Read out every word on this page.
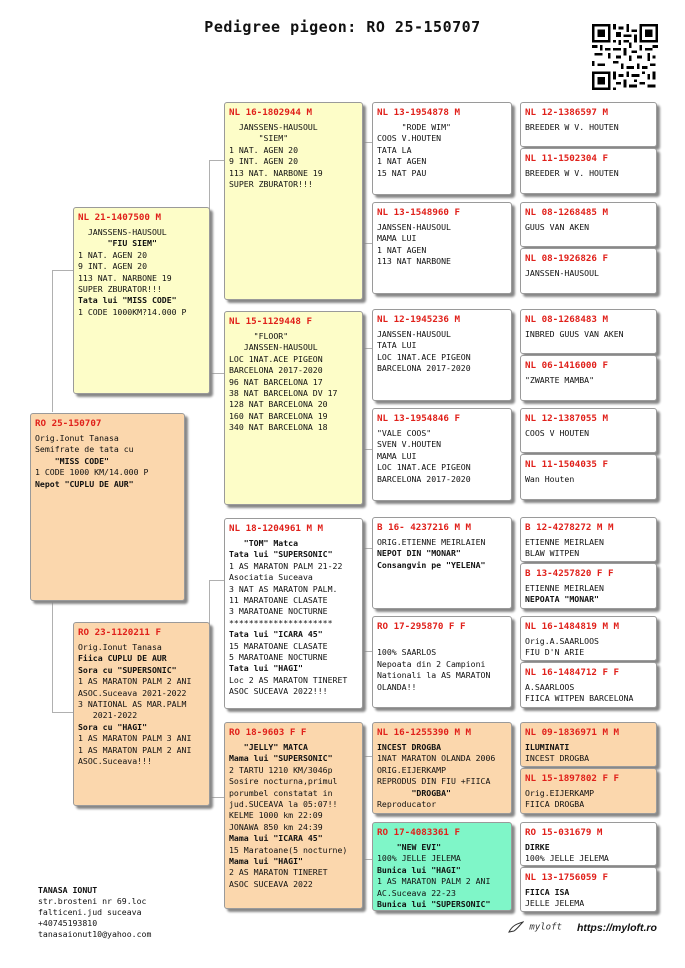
Pedigree pigeon: RO 25-150707
RO 25-150707
Orig.Ionut Tanasa
Semifrate de tata cu
"MISS CODE"
1 CODE 1000 KM/14.000 P
Nepot "CUPLU DE AUR"
NL 21-1407500 M
JANSSENS-HAUSOUL
"FIU SIEM"
1 NAT. AGEN 20
9 INT. AGEN 20
113 NAT. NARBONE 19
SUPER ZBURATOR!!!
Tata lui "MISS CODE"
1 CODE 1000KM?14.000 P
RO 23-1120211 F
Orig.Ionut Tanasa
Fiica CUPLU DE AUR
Sora cu "SUPERSONIC"
1 AS MARATON PALM 2 ANI
ASOC.Suceava 2021-2022
3 NATIONAL AS MAR.PALM
2021-2022
Sora cu "HAGI"
1 AS MARATON PALM 3 ANI
1 AS MARATON PALM 2 ANI
ASOC.Suceava!!!
NL 16-1802944 M
JANSSENS-HAUSOUL
"SIEM"
1 NAT. AGEN 20
9 INT. AGEN 20
113 NAT. NARBONE 19
SUPER ZBURATOR!!!
NL 15-1129448 F
"FLOOR"
JANSSEN-HAUSOUL
LOC 1NAT.ACE PIGEON
BARCELONA 2017-2020
96 NAT BARCELONA 17
38 NAT BARCELONA DV 17
128 NAT BARCELONA 20
160 NAT BARCELONA 19
340 NAT BARCELONA 18
NL 18-1204961 M M
"TOM" Matca
Tata lui "SUPERSONIC"
1 AS MARATON PALM 21-22
Asociatia Suceava
3 NAT AS MARATON PALM.
11 MARATOANE CLASATE
3 MARATOANE NOCTURNE
*********************
Tata lui "ICARA 45"
15 MARATOANE CLASATE
5 MARATOANE NOCTURNE
Tata lui "HAGI"
Loc 2 AS MARATON TINERET
ASOC SUCEAVA 2022!!!
RO 18-9603 F F
"JELLY" MATCA
Mama lui "SUPERSONIC"
2 TARTU 1210 KM/3046p
Sosire nocturna,primul
porumbel constatat in
jud.SUCEAVA la 05:07!!
KELME 1000 km 22:09
JONAWA 850 km 24:39
Mama lui "ICARA 45"
15 Maratoane(5 nocturne)
Mama lui "HAGI"
2 AS MARATON TINERET
ASOC SUCEAVA 2022
NL 13-1954878 M
"RODE WIM"
COOS V.HOUTEN
TATA LA
1 NAT AGEN
15 NAT PAU
NL 13-1548960 F
JANSSEN-HAUSOUL
MAMA LUI
1 NAT AGEN
113 NAT NARBONE
NL 12-1945236 M
JANSSEN-HAUSOUL
TATA LUI
LOC 1NAT.ACE PIGEON
BARCELONA 2017-2020
NL 13-1954846 F
"VALE COOS"
SVEN V.HOUTEN
MAMA LUI
LOC 1NAT.ACE PIGEON
BARCELONA 2017-2020
B 16- 4237216 M M
ORIG.ETIENNE MEIRLAIEN
NEPOT DIN "MONAR"
Consangvin pe "YELENA"
RO 17-295870 F F

100% SAARLOS
Nepoata din 2 Campioni
Nationali la AS MARATON
OLANDA!!
NL 16-1255390 M M
INCEST DROGBA
1NAT MARATON OLANDA 2006
ORIG.EIJERKAMP
REPRODUS DIN FIU +FIICA
"DROGBA"
Reproducator
RO 17-4083361 F
"NEW EVI"
100% JELLE JELEMA
Bunica lui "HAGI"
1 AS MARATON PALM 2 ANI
AC.Suceava 22-23
Bunica lui "SUPERSONIC"
NL 12-1386597 M
BREEDER W V. HOUTEN
NL 11-1502304 F
BREEDER W V. HOUTEN
NL 08-1268485 M
GUUS VAN AKEN
NL 08-1926826 F
JANSSEN-HAUSOUL
NL 08-1268483 M
INBRED GUUS VAN AKEN
NL 06-1416000 F
"ZWARTE MAMBA"
NL 12-1387055 M
COOS V HOUTEN
NL 11-1504035 F
Wan Houten
B 12-4278272 M M
ETIENNE MEIRLAEN
BLAW WITPEN
B 13-4257820 F F
ETIENNE MEIRLAEN
NEPOATA "MONAR"
NL 16-1484819 M M
Orig.A.SAARLOOS
FIU D'N ARIE
NL 16-1484712 F F
A.SAARLOOS
FIICA WITPEN BARCELONA
NL 09-1836971 M M
ILUMINATI
INCEST DROGBA
NL 15-1897802 F F
Orig.EIJERKAMP
FIICA DROGBA
RO 15-031679 M
DIRKE
100% JELLE JELEMA
NL 13-1756059 F
FIICA ISA
JELLE JELEMA
TANASA IONUT
str.brosteni nr 69.loc
falticeni.jud suceava
+40745193810
tanasaionut10@yahoo.com
myloft https://myloft.ro
